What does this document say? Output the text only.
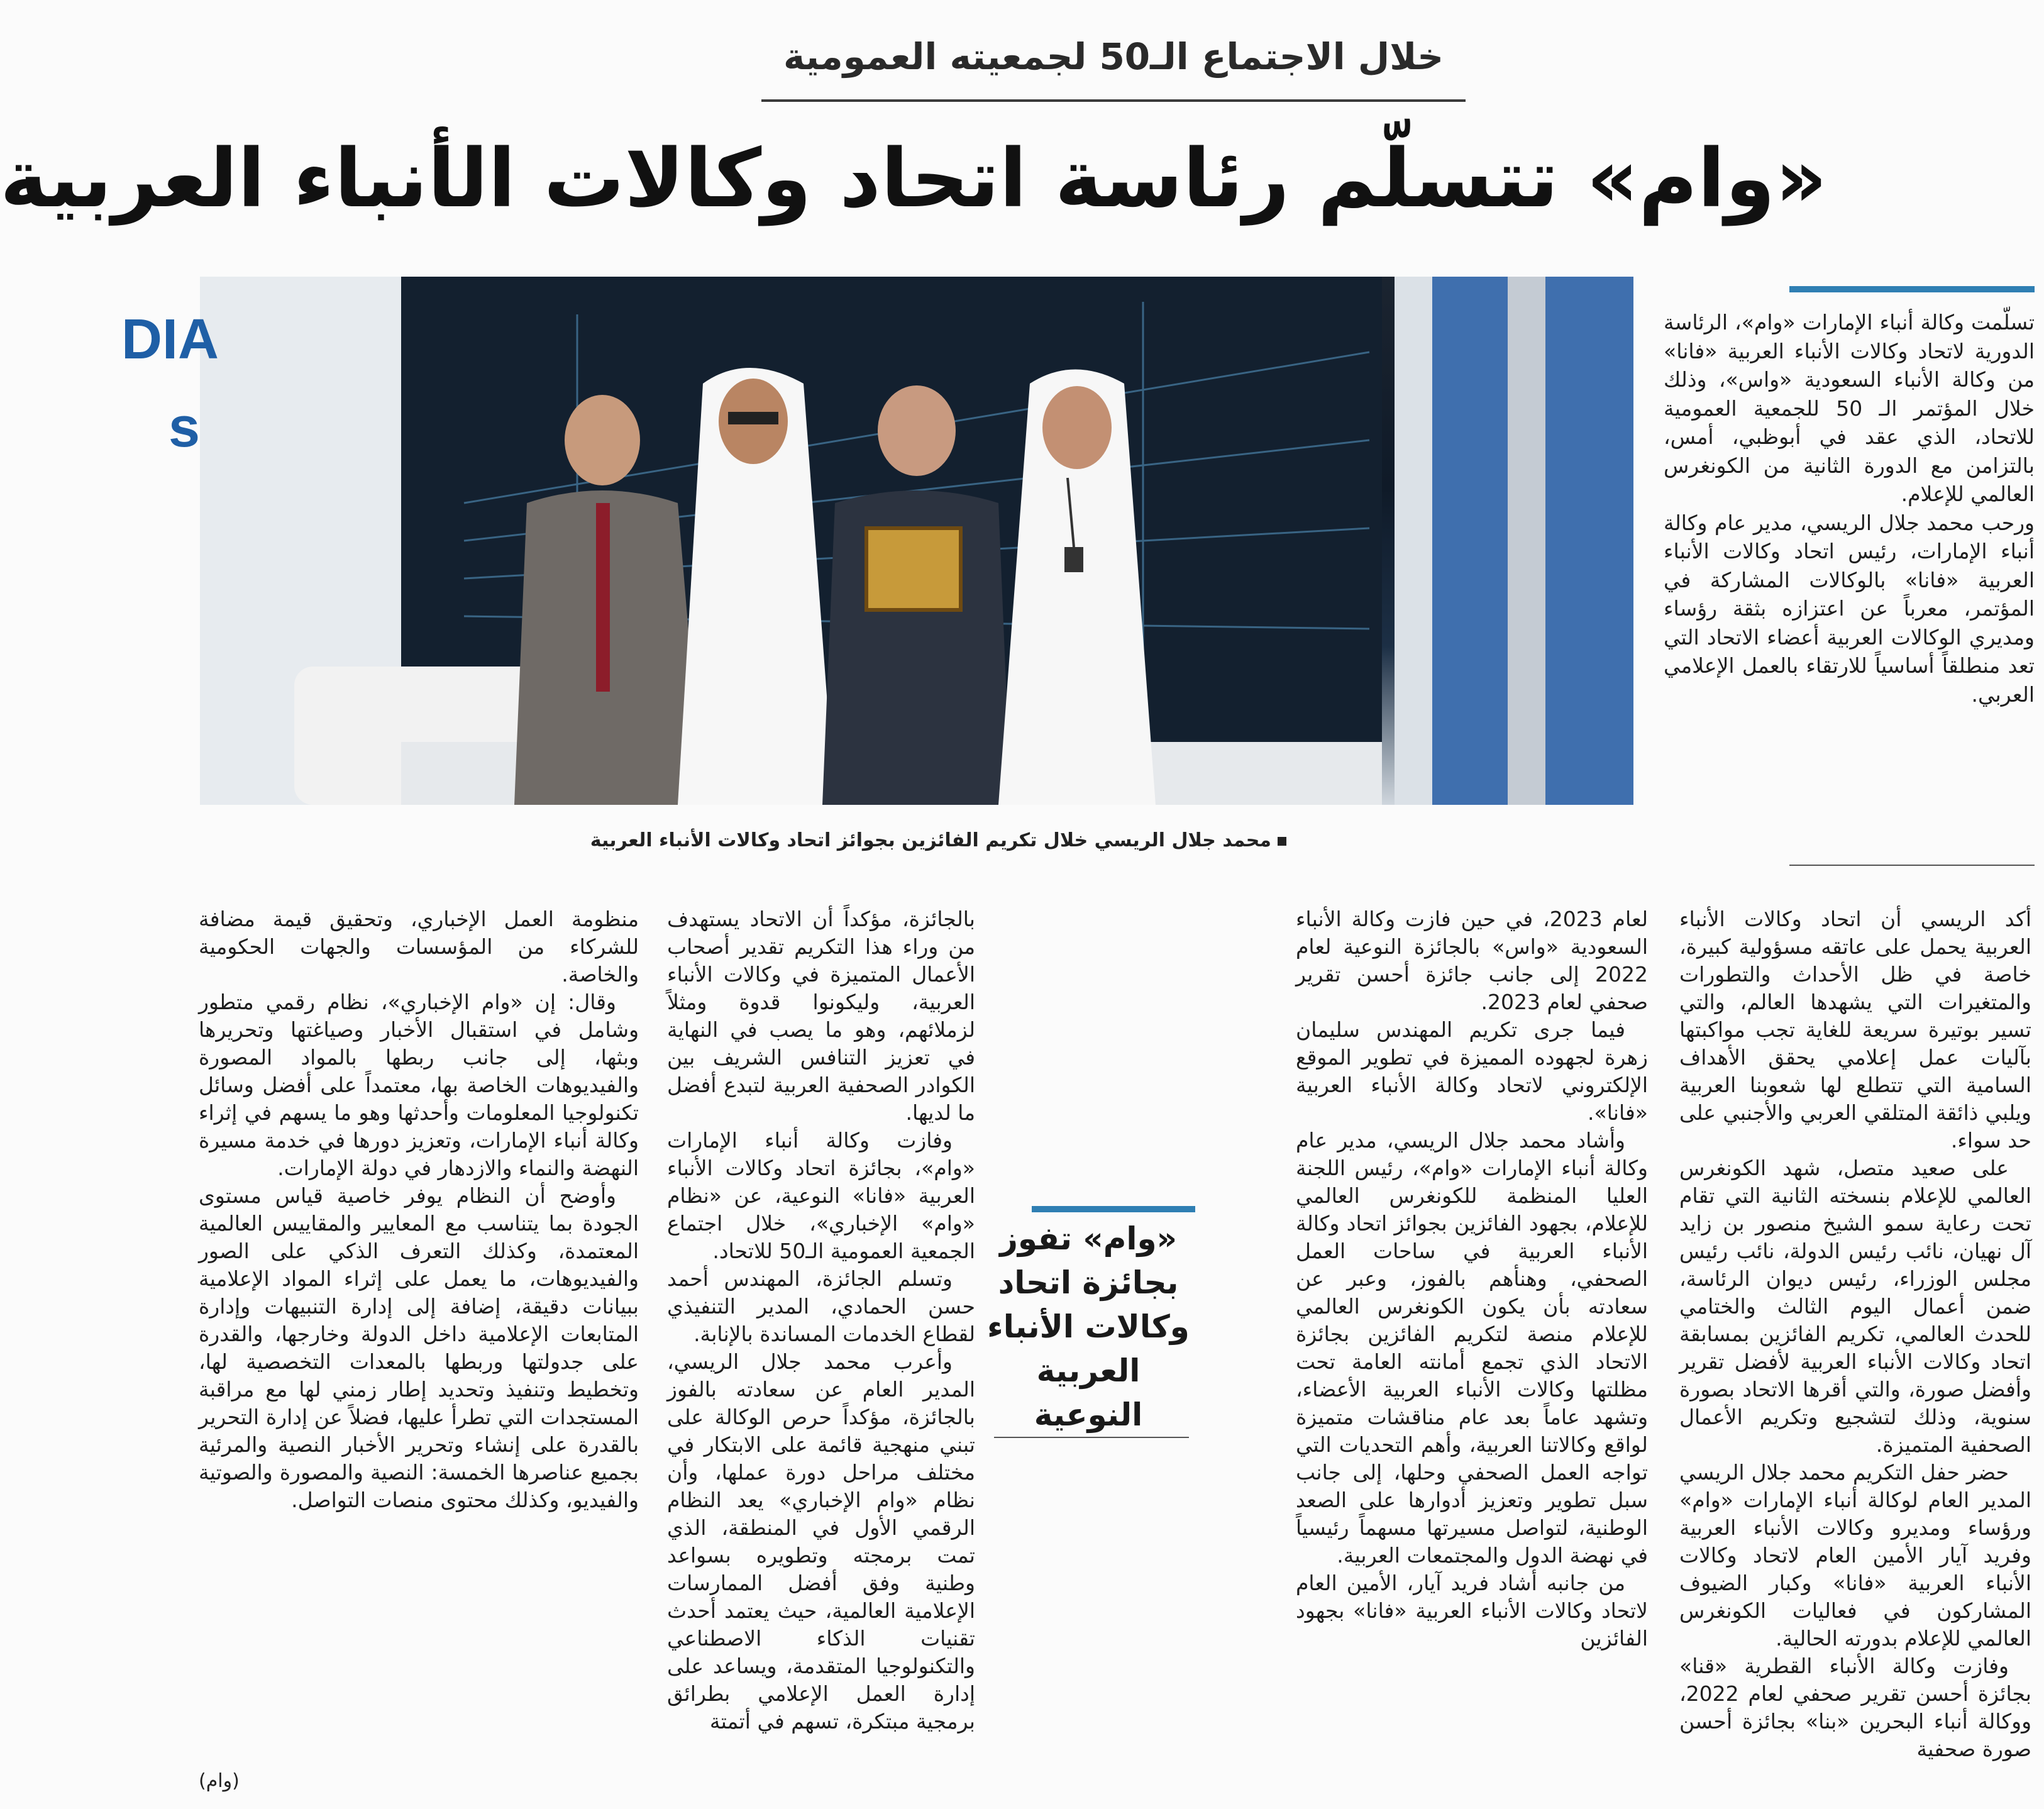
خلال الاجتماع الـ50 لجمعيته العمومية
«وام» تتسلّم رئاسة اتحاد وكالات الأنباء العربية
DIA
s
محمد جلال الريسي خلال تكريم الفائزين بجوائز اتحاد وكالات الأنباء العربية

تسلّمت وكالة أنباء الإمارات «وام»، الرئاسة الدورية لاتحاد وكالات الأنباء العربية «فانا» من وكالة الأنباء السعودية «واس»، وذلك خلال المؤتمر الـ 50 للجمعية العمومية للاتحاد، الذي عقد في أبوظبي، أمس، بالتزامن مع الدورة الثانية من الكونغرس العالمي للإعلام.

ورحب محمد جلال الريسي، مدير عام وكالة أنباء الإمارات، رئيس اتحاد وكالات الأنباء العربية «فانا» بالوكالات المشاركة في المؤتمر، معرباً عن اعتزازه بثقة رؤساء ومديري الوكالات العربية أعضاء الاتحاد التي تعد منطلقاً أساسياً للارتقاء بالعمل الإعلامي العربي.

أكد الريسي أن اتحاد وكالات الأنباء العربية يحمل على عاتقه مسؤولية كبيرة، خاصة في ظل الأحداث والتطورات والمتغيرات التي يشهدها العالم، والتي تسير بوتيرة سريعة للغاية تجب مواكبتها بآليات عمل إعلامي يحقق الأهداف السامية التي تتطلع لها شعوبنا العربية ويلبي ذائقة المتلقي العربي والأجنبي على حد سواء.

على صعيد متصل، شهد الكونغرس العالمي للإعلام بنسخته الثانية التي تقام تحت رعاية سمو الشيخ منصور بن زايد آل نهيان، نائب رئيس الدولة، نائب رئيس مجلس الوزراء، رئيس ديوان الرئاسة، ضمن أعمال اليوم الثالث والختامي للحدث العالمي، تكريم الفائزين بمسابقة اتحاد وكالات الأنباء العربية لأفضل تقرير وأفضل صورة، والتي أقرها الاتحاد بصورة سنوية، وذلك لتشجيع وتكريم الأعمال الصحفية المتميزة.

حضر حفل التكريم محمد جلال الريسي المدير العام لوكالة أنباء الإمارات «وام» ورؤساء ومديرو وكالات الأنباء العربية وفريد آيار الأمين العام لاتحاد وكالات الأنباء العربية «فانا» وكبار الضيوف المشاركون في فعاليات الكونغرس العالمي للإعلام بدورته الحالية.

وفازت وكالة الأنباء القطرية «قنا» بجائزة أحسن تقرير صحفي لعام 2022، ووكالة أنباء البحرين «بنا» بجائزة أحسن صورة صحفية

لعام 2023، في حين فازت وكالة الأنباء السعودية «واس» بالجائزة النوعية لعام 2022 إلى جانب جائزة أحسن تقرير صحفي لعام 2023.

فيما جرى تكريم المهندس سليمان زهرة لجهوده المميزة في تطوير الموقع الإلكتروني لاتحاد وكالة الأنباء العربية «فانا».

وأشاد محمد جلال الريسي، مدير عام وكالة أنباء الإمارات «وام»، رئيس اللجنة العليا المنظمة للكونغرس العالمي للإعلام، بجهود الفائزين بجوائز اتحاد وكالة الأنباء العربية في ساحات العمل الصحفي، وهنأهم بالفوز، وعبر عن سعادته بأن يكون الكونغرس العالمي للإعلام منصة لتكريم الفائزين بجائزة الاتحاد الذي تجمع أمانته العامة تحت مظلتها وكالات الأنباء العربية الأعضاء، وتشهد عاماً بعد عام مناقشات متميزة لواقع وكالاتنا العربية، وأهم التحديات التي تواجه العمل الصحفي وحلها، إلى جانب سبل تطوير وتعزيز أدوارها على الصعد الوطنية، لتواصل مسيرتها مسهماً رئيسياً في نهضة الدول والمجتمعات العربية.

من جانبه أشاد فريد آيار، الأمين العام لاتحاد وكالات الأنباء العربية «فانا» بجهود الفائزين

«وام» تفوز بجائزة اتحاد وكالات الأنباء العربية النوعية

بالجائزة، مؤكداً أن الاتحاد يستهدف من وراء هذا التكريم تقدير أصحاب الأعمال المتميزة في وكالات الأنباء العربية، وليكونوا قدوة ومثلاً لزملائهم، وهو ما يصب في النهاية في تعزيز التنافس الشريف بين الكوادر الصحفية العربية لتبدع أفضل ما لديها.

وفازت وكالة أنباء الإمارات «وام»، بجائزة اتحاد وكالات الأنباء العربية «فانا» النوعية، عن «نظام «وام» الإخباري»، خلال اجتماع الجمعية العمومية الـ50 للاتحاد.

وتسلم الجائزة، المهندس أحمد حسن الحمادي، المدير التنفيذي لقطاع الخدمات المساندة بالإنابة.

وأعرب محمد جلال الريسي، المدير العام عن سعادته بالفوز بالجائزة، مؤكداً حرص الوكالة على تبني منهجية قائمة على الابتكار في مختلف مراحل دورة عملها، وأن نظام «وام الإخباري» يعد النظام الرقمي الأول في المنطقة، الذي تمت برمجته وتطويره بسواعد وطنية وفق أفضل الممارسات الإعلامية العالمية، حيث يعتمد أحدث تقنيات الذكاء الاصطناعي والتكنولوجيا المتقدمة، ويساعد على إدارة العمل الإعلامي بطرائق برمجية مبتكرة، تسهم في أتمتة

منظومة العمل الإخباري، وتحقيق قيمة مضافة للشركاء من المؤسسات والجهات الحكومية والخاصة.

وقال: إن «وام الإخباري»، نظام رقمي متطور وشامل في استقبال الأخبار وصياغتها وتحريرها وبثها، إلى جانب ربطها بالمواد المصورة والفيديوهات الخاصة بها، معتمداً على أفضل وسائل تكنولوجيا المعلومات وأحدثها وهو ما يسهم في إثراء وكالة أنباء الإمارات، وتعزيز دورها في خدمة مسيرة النهضة والنماء والازدهار في دولة الإمارات.

وأوضح أن النظام يوفر خاصية قياس مستوى الجودة بما يتناسب مع المعايير والمقاييس العالمية المعتمدة، وكذلك التعرف الذكي على الصور والفيديوهات، ما يعمل على إثراء المواد الإعلامية ببيانات دقيقة، إضافة إلى إدارة التنبيهات وإدارة المتابعات الإعلامية داخل الدولة وخارجها، والقدرة على جدولتها وربطها بالمعدات التخصصية لها، وتخطيط وتنفيذ وتحديد إطار زمني لها مع مراقبة المستجدات التي تطرأ عليها، فضلاً عن إدارة التحرير بالقدرة على إنشاء وتحرير الأخبار النصية والمرئية بجميع عناصرها الخمسة: النصية والمصورة والصوتية والفيديو، وكذلك محتوى منصات التواصل.

(وام)
